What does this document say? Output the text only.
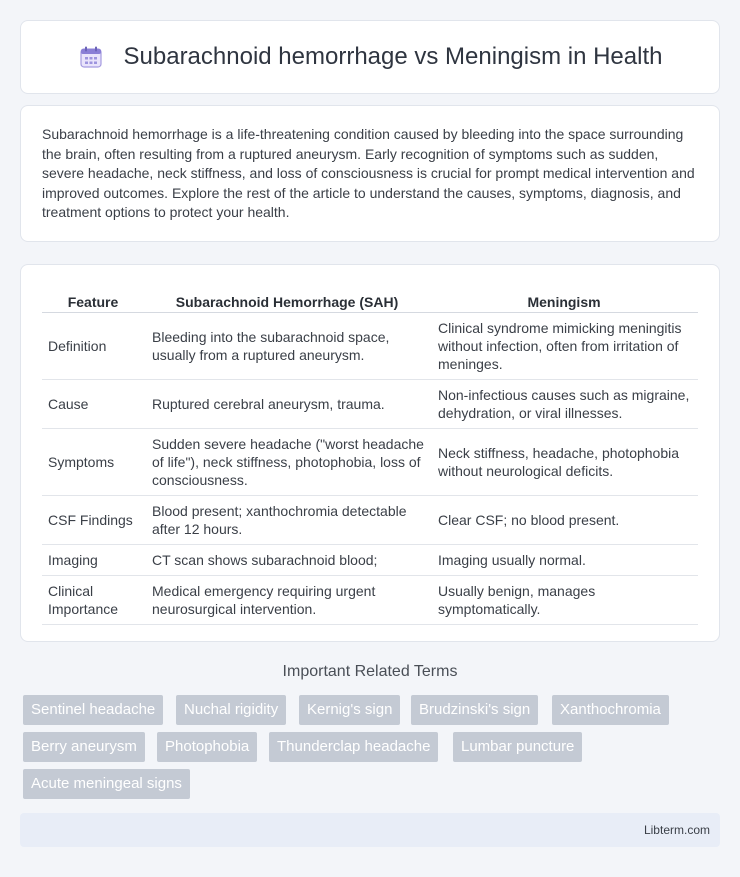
Subarachnoid hemorrhage vs Meningism in Health

Subarachnoid hemorrhage is a life-threatening condition caused by bleeding into the space surrounding the brain, often resulting from a ruptured aneurysm. Early recognition of symptoms such as sudden, severe headache, neck stiffness, and loss of consciousness is crucial for prompt medical intervention and improved outcomes. Explore the rest of the article to understand the causes, symptoms, diagnosis, and treatment options to protect your health.

Feature	Subarachnoid Hemorrhage (SAH)	Meningism
Definition	Bleeding into the subarachnoid space, usually from a ruptured aneurysm.	Clinical syndrome mimicking meningitis without infection, often from irritation of meninges.
Cause	Ruptured cerebral aneurysm, trauma.	Non-infectious causes such as migraine, dehydration, or viral illnesses.
Symptoms	Sudden severe headache ("worst headache of life"), neck stiffness, photophobia, loss of consciousness.	Neck stiffness, headache, photophobia without neurological deficits.
CSF Findings	Blood present; xanthochromia detectable after 12 hours.	Clear CSF; no blood present.
Imaging	CT scan shows subarachnoid blood;	Imaging usually normal.
Clinical Importance	Medical emergency requiring urgent neurosurgical intervention.	Usually benign, manages symptomatically.
Important Related Terms
Sentinel headache	Nuchal rigidity	Kernig's sign	Brudzinski's sign	Xanthochromia
Berry aneurysm	Photophobia	Thunderclap headache	Lumbar puncture
Acute meningeal signs
Libterm.com
